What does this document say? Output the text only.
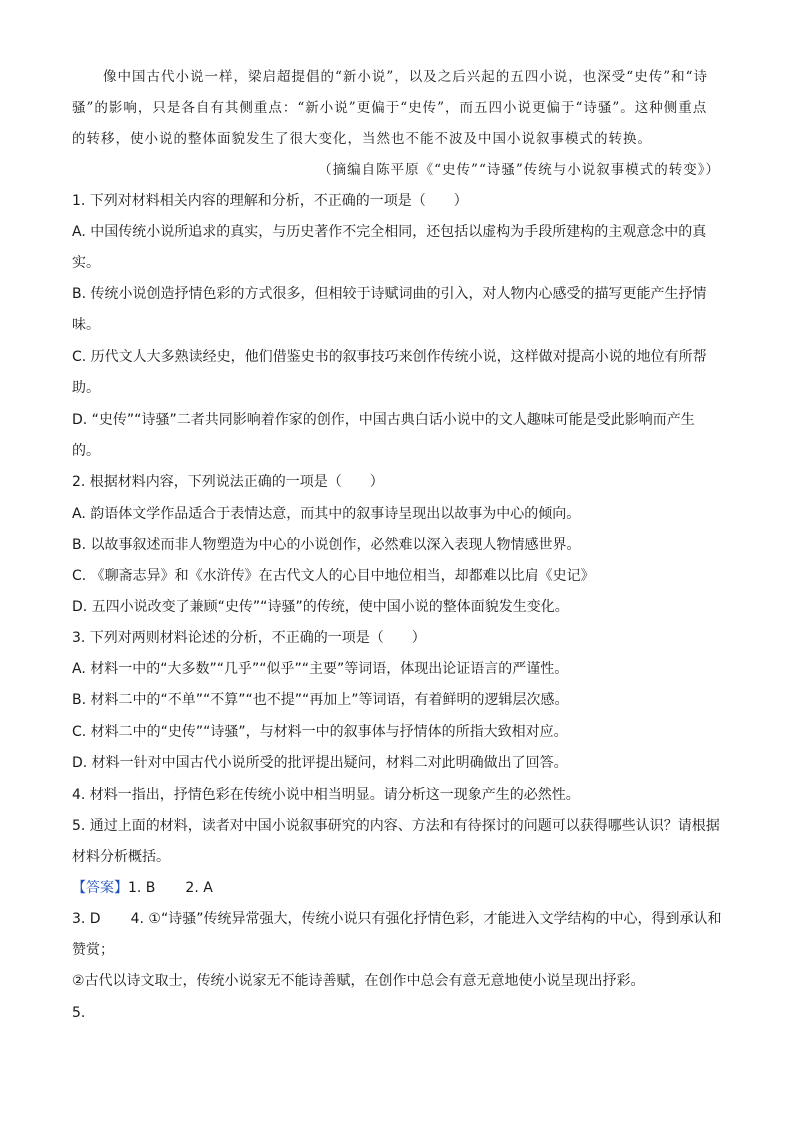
像中国古代小说一样，梁启超提倡的“新小说”，以及之后兴起的五四小说，也深受“史传”和“诗
骚”的影响，只是各自有其侧重点：“新小说”更偏于“史传”，而五四小说更偏于“诗骚”。这种侧重点
的转移，使小说的整体面貌发生了很大变化，当然也不能不波及中国小说叙事模式的转换。
（摘编自陈平原《“史传”“诗骚”传统与小说叙事模式的转变》）
1. 下列对材料相关内容的理解和分析，不正确的一项是（　　）
A. 中国传统小说所追求的真实，与历史著作不完全相同，还包括以虚构为手段所建构的主观意念中的真
实。
B. 传统小说创造抒情色彩的方式很多，但相较于诗赋词曲的引入，对人物内心感受的描写更能产生抒情
味。
C. 历代文人大多熟读经史，他们借鉴史书的叙事技巧来创作传统小说，这样做对提高小说的地位有所帮
助。
D. “史传”“诗骚”二者共同影响着作家的创作，中国古典白话小说中的文人趣味可能是受此影响而产生
的。
2. 根据材料内容，下列说法正确的一项是（　　）
A. 韵语体文学作品适合于表情达意，而其中的叙事诗呈现出以故事为中心的倾向。
B. 以故事叙述而非人物塑造为中心的小说创作，必然难以深入表现人物情感世界。
C. 《聊斋志异》和《水浒传》在古代文人的心目中地位相当，却都难以比肩《史记》
D. 五四小说改变了兼顾“史传”“诗骚”的传统，使中国小说的整体面貌发生变化。
3. 下列对两则材料论述的分析，不正确的一项是（　　）
A. 材料一中的“大多数”“几乎”“似乎”“主要”等词语，体现出论证语言的严谨性。
B. 材料二中的“不单”“不算”“也不提”“再加上”等词语，有着鲜明的逻辑层次感。
C. 材料二中的“史传”“诗骚”，与材料一中的叙事体与抒情体的所指大致相对应。
D. 材料一针对中国古代小说所受的批评提出疑问，材料二对此明确做出了回答。
4. 材料一指出，抒情色彩在传统小说中相当明显。请分析这一现象产生的必然性。
5. 通过上面的材料，读者对中国小说叙事研究的内容、方法和有待探讨的问题可以获得哪些认识？请根据
材料分析概括。
【答案】1. B 2. A
3. D 4. ①“诗骚”传统异常强大，传统小说只有强化抒情色彩，才能进入文学结构的中心，得到承认和
赞赏；
②古代以诗文取士，传统小说家无不能诗善赋，在创作中总会有意无意地使小说呈现出抒彩。
5.
